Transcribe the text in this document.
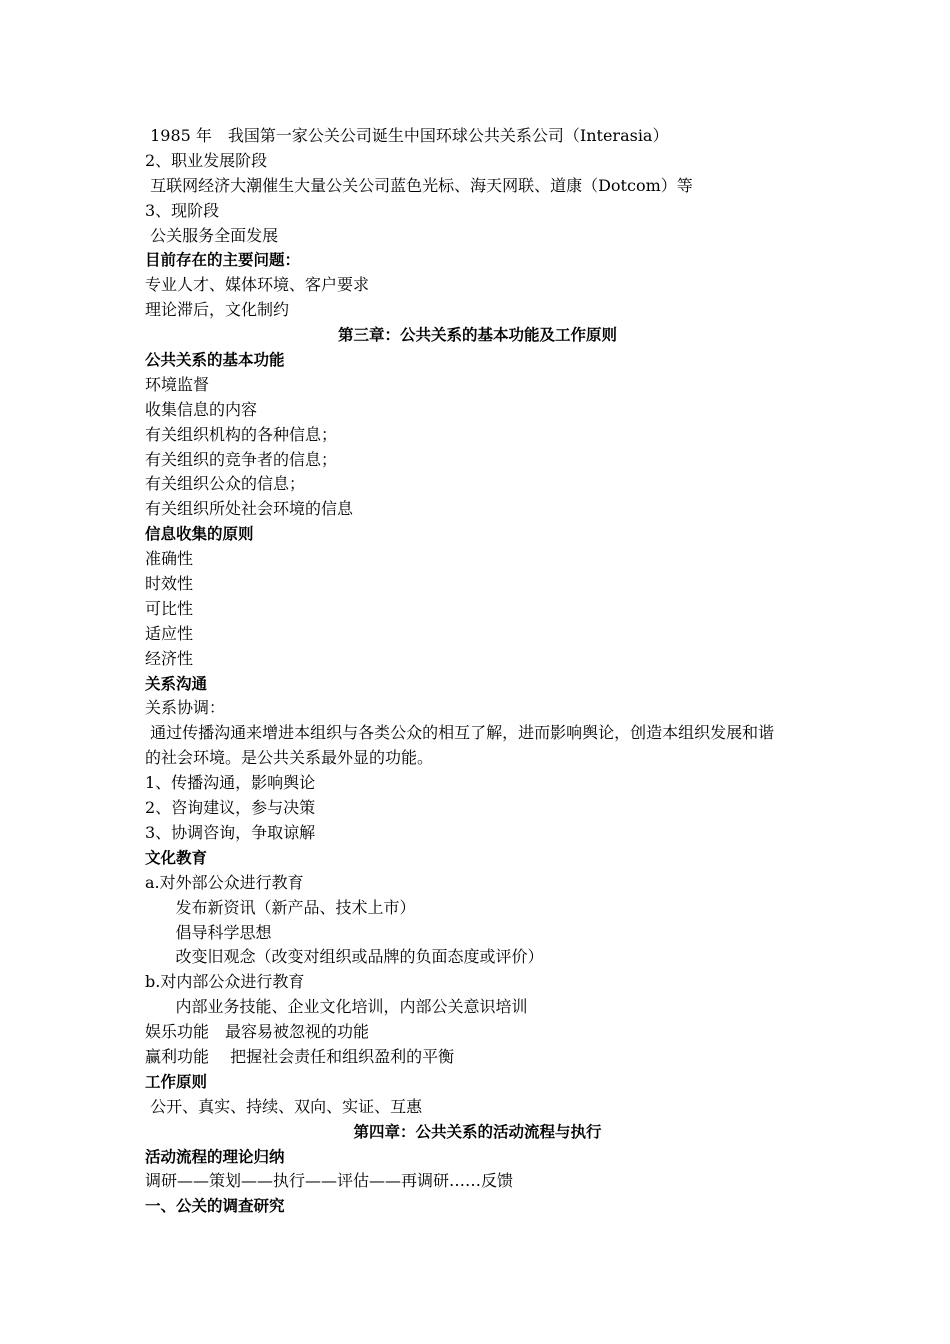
1985 年　我国第一家公关公司诞生中国环球公共关系公司（Interasia）
2、职业发展阶段
互联网经济大潮催生大量公关公司蓝色光标、海天网联、道康（Dotcom）等
3、现阶段
公关服务全面发展
目前存在的主要问题：
专业人才、媒体环境、客户要求
理论滞后，文化制约
第三章：公共关系的基本功能及工作原则
公共关系的基本功能
环境监督
收集信息的内容
有关组织机构的各种信息；
有关组织的竞争者的信息；
有关组织公众的信息；
有关组织所处社会环境的信息
信息收集的原则
准确性
时效性
可比性
适应性
经济性
关系沟通
关系协调：
通过传播沟通来增进本组织与各类公众的相互了解，进而影响舆论，创造本组织发展和谐
的社会环境。是公共关系最外显的功能。
1、传播沟通，影响舆论
2、咨询建议，参与决策
3、协调咨询，争取谅解
文化教育
a.对外部公众进行教育
发布新资讯（新产品、技术上市）
倡导科学思想
改变旧观念（改变对组织或品牌的负面态度或评价）
b.对内部公众进行教育
内部业务技能、企业文化培训，内部公关意识培训
娱乐功能　最容易被忽视的功能
赢利功能　 把握社会责任和组织盈利的平衡
工作原则
公开、真实、持续、双向、实证、互惠
第四章：公共关系的活动流程与执行
活动流程的理论归纳
调研——策划——执行——评估——再调研……反馈
一、公关的调查研究
